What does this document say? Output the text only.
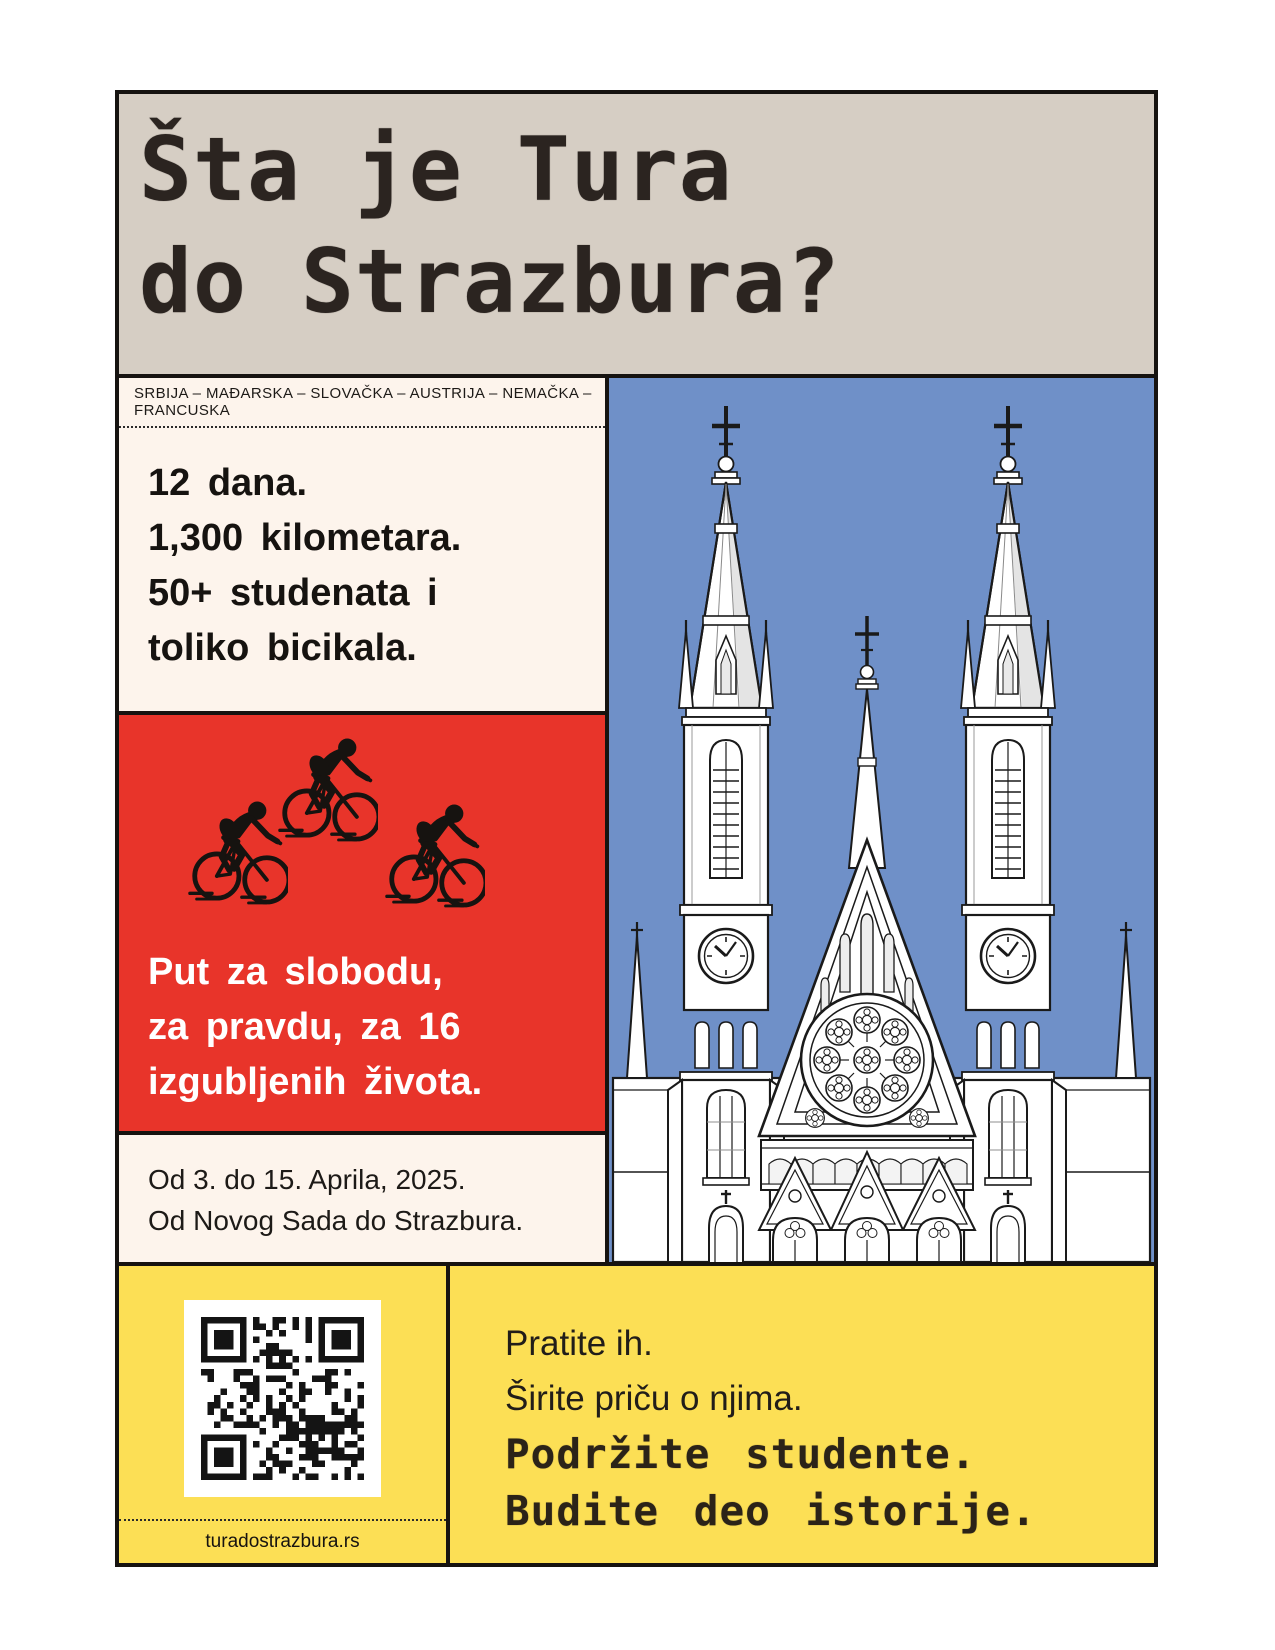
Šta je Tura
do Strazbura?
SRBIJA – MAĐARSKA – SLOVAČKA – AUSTRIJA – NEMAČKA – FRANCUSKA
12 dana.
1,300 kilometara.
50+ studenata i
toliko bicikala.
Put za slobodu,
za pravdu, za 16
izgubljenih života.
Od 3. do 15. Aprila, 2025.
Od Novog Sada do Strazbura.
turadostrazbura.rs
Pratite ih.
Širite priču o njima.
Podržite studente.
Budite deo istorije.
